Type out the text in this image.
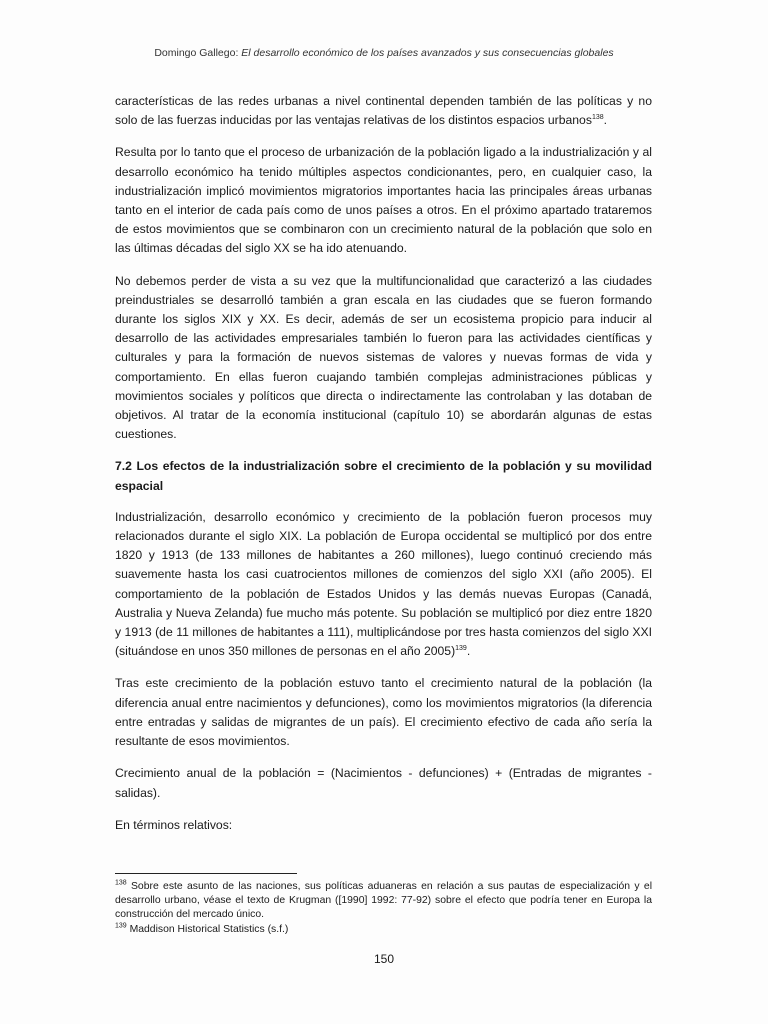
Domingo Gallego: El desarrollo económico de los países avanzados y sus consecuencias globales

características de las redes urbanas a nivel continental dependen también de las políticas y no solo de las fuerzas inducidas por las ventajas relativas de los distintos espacios urbanos$^{138}$.

Resulta por lo tanto que el proceso de urbanización de la población ligado a la industrialización y al desarrollo económico ha tenido múltiples aspectos condicionantes, pero, en cualquier caso, la industrialización implicó movimientos migratorios importantes hacia las principales áreas urbanas tanto en el interior de cada país como de unos países a otros. En el próximo apartado trataremos de estos movimientos que se combinaron con un crecimiento natural de la población que solo en las últimas décadas del siglo XX se ha ido atenuando.

No debemos perder de vista a su vez que la multifuncionalidad que caracterizó a las ciudades preindustriales se desarrolló también a gran escala en las ciudades que se fueron formando durante los siglos XIX y XX. Es decir, además de ser un ecosistema propicio para inducir al desarrollo de las actividades empresariales también lo fueron para las actividades científicas y culturales y para la formación de nuevos sistemas de valores y nuevas formas de vida y comportamiento. En ellas fueron cuajando también complejas administraciones públicas y movimientos sociales y políticos que directa o indirectamente las controlaban y las dotaban de objetivos. Al tratar de la economía institucional (capítulo 10) se abordarán algunas de estas cuestiones.

7.2 Los efectos de la industrialización sobre el crecimiento de la población y su movilidad espacial

Industrialización, desarrollo económico y crecimiento de la población fueron procesos muy relacionados durante el siglo XIX. La población de Europa occidental se multiplicó por dos entre 1820 y 1913 (de 133 millones de habitantes a 260 millones), luego continuó creciendo más suavemente hasta los casi cuatrocientos millones de comienzos del siglo XXI (año 2005). El comportamiento de la población de Estados Unidos y las demás nuevas Europas (Canadá, Australia y Nueva Zelanda) fue mucho más potente. Su población se multiplicó por diez entre 1820 y 1913 (de 11 millones de habitantes a 111), multiplicándose por tres hasta comienzos del siglo XXI (situándose en unos 350 millones de personas en el año 2005)$^{139}$.

Tras este crecimiento de la población estuvo tanto el crecimiento natural de la población (la diferencia anual entre nacimientos y defunciones), como los movimientos migratorios (la diferencia entre entradas y salidas de migrantes de un país). El crecimiento efectivo de cada año sería la resultante de esos movimientos.

Crecimiento anual de la población = (Nacimientos - defunciones) + (Entradas de migrantes - salidas).

En términos relativos:

$^{138}$ Sobre este asunto de las naciones, sus políticas aduaneras en relación a sus pautas de especialización y el desarrollo urbano, véase el texto de Krugman ([1990] 1992: 77-92) sobre el efecto que podría tener en Europa la construcción del mercado único.

$^{139}$ Maddison Historical Statistics (s.f.)

150
